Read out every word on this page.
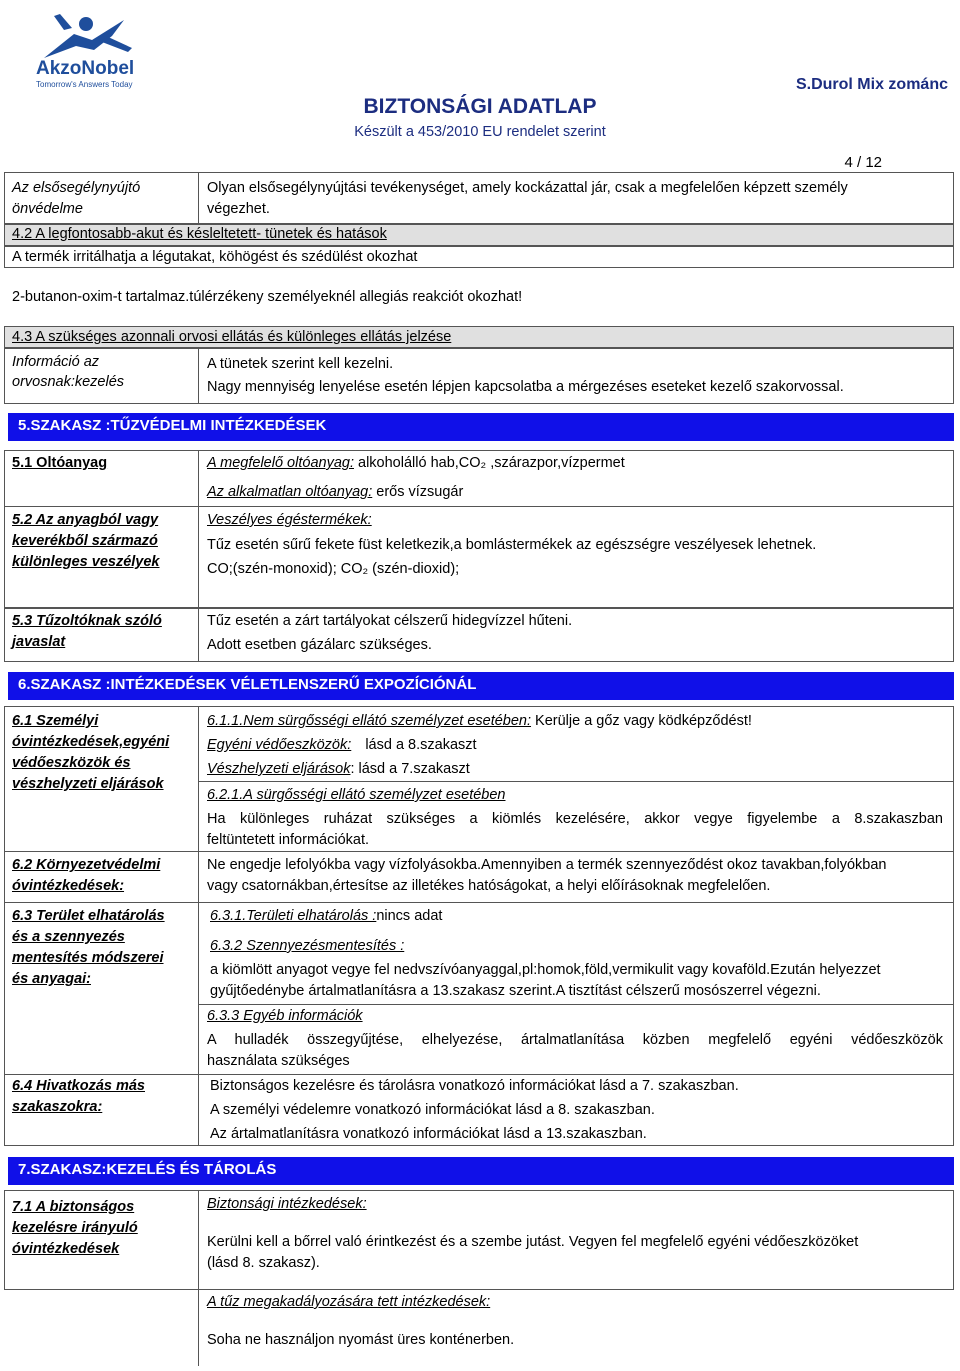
AkzoNobel
Tomorrow's Answers Today	S.Durol Mix zománc
BIZTONSÁGI ADATLAP
Készült a 453/2010 EU rendelet szerint
4 / 12
Az elsősegélynyújtó
önvédelme
Olyan elsősegélynyújtási tevékenységet, amely kockázattal jár, csak a megfelelően képzett személy
végezhet.
4.2 A legfontosabb-akut és késleltetett- tünetek és hatások
A termék irritálhatja a légutakat, köhögést és szédülést okozhat
2-butanon-oxim-t tartalmaz.túlérzékeny személyeknél allegiás reakciót okozhat!
4.3 A szükséges azonnali orvosi ellátás és különleges ellátás jelzése
Információ az
orvosnak:kezelés
A tünetek szerint kell kezelni.
Nagy mennyiség lenyelése esetén lépjen kapcsolatba a mérgezéses eseteket kezelő szakorvossal.
5.SZAKASZ :TŰZVÉDELMI INTÉZKEDÉSEK
5.1 Oltóanyag	A megfelelő oltóanyag: alkoholálló hab,CO₂ ,szárazpor,vízpermet
Az alkalmatlan oltóanyag: erős vízsugár
5.2 Az anyagból vagy
keverékből származó
különleges veszélyek
Veszélyes égéstermékek:
Tűz esetén sűrű fekete füst keletkezik,a bomlástermékek az egészségre veszélyesek lehetnek.
CO;(szén-monoxid); CO₂ (szén-dioxid);
5.3 Tűzoltóknak szóló
javaslat
Tűz esetén a zárt tartályokat célszerű hidegvízzel hűteni.
Adott esetben gázálarc szükséges.
6.SZAKASZ :INTÉZKEDÉSEK VÉLETLENSZERŰ EXPOZÍCIÓNÁL
6.1 Személyi
óvintézkedések,egyéni
védőeszközök és
vészhelyzeti eljárások
6.1.1.Nem sürgősségi ellátó személyzet esetében: Kerülje a gőz vagy ködképződést!
Egyéni védőeszközök: lásd a 8.szakaszt
Vészhelyzeti eljárások: lásd a 7.szakaszt
6.2.1.A sürgősségi ellátó személyzet esetében
Ha különleges ruházat szükséges a kiömlés kezelésére, akkor vegye figyelembe a 8.szakaszban
feltüntetett információkat.
6.2 Környezetvédelmi
óvintézkedések:
Ne engedje lefolyókba vagy vízfolyásokba.Amennyiben a termék szennyeződést okoz tavakban,folyókban
vagy csatornákban,értesítse az illetékes hatóságokat, a helyi előírásoknak megfelelően.
6.3 Terület elhatárolás
és a szennyezés
mentesítés módszerei
és anyagai:
6.3.1.Területi elhatárolás :nincs adat
6.3.2 Szennyezésmentesítés :
a kiömlött anyagot vegye fel nedvszívóanyaggal,pl:homok,föld,vermikulit vagy kovaföld.Ezután helyezzet
gyűjtőedénybe ártalmatlanításra a 13.szakasz szerint.A tisztítást célszerű mosószerrel végezni.
6.3.3 Egyéb információk
A hulladék összegyűjtése, elhelyezése, ártalmatlanítása közben megfelelő egyéni védőeszközök
használata szükséges
6.4 Hivatkozás más
szakaszokra:
Biztonságos kezelésre és tárolásra vonatkozó információkat lásd a 7. szakaszban.
A személyi védelemre vonatkozó információkat lásd a 8. szakaszban.
Az ártalmatlanításra vonatkozó információkat lásd a 13.szakaszban.
7.SZAKASZ:KEZELÉS ÉS TÁROLÁS
7.1 A biztonságos
kezelésre irányuló
óvintézkedések
Biztonsági intézkedések:
Kerülni kell a bőrrel való érintkezést és a szembe jutást. Vegyen fel megfelelő egyéni védőeszközöket
(lásd 8. szakasz).
A tűz megakadályozására tett intézkedések:
Soha ne használjon nyomást üres konténerben.
